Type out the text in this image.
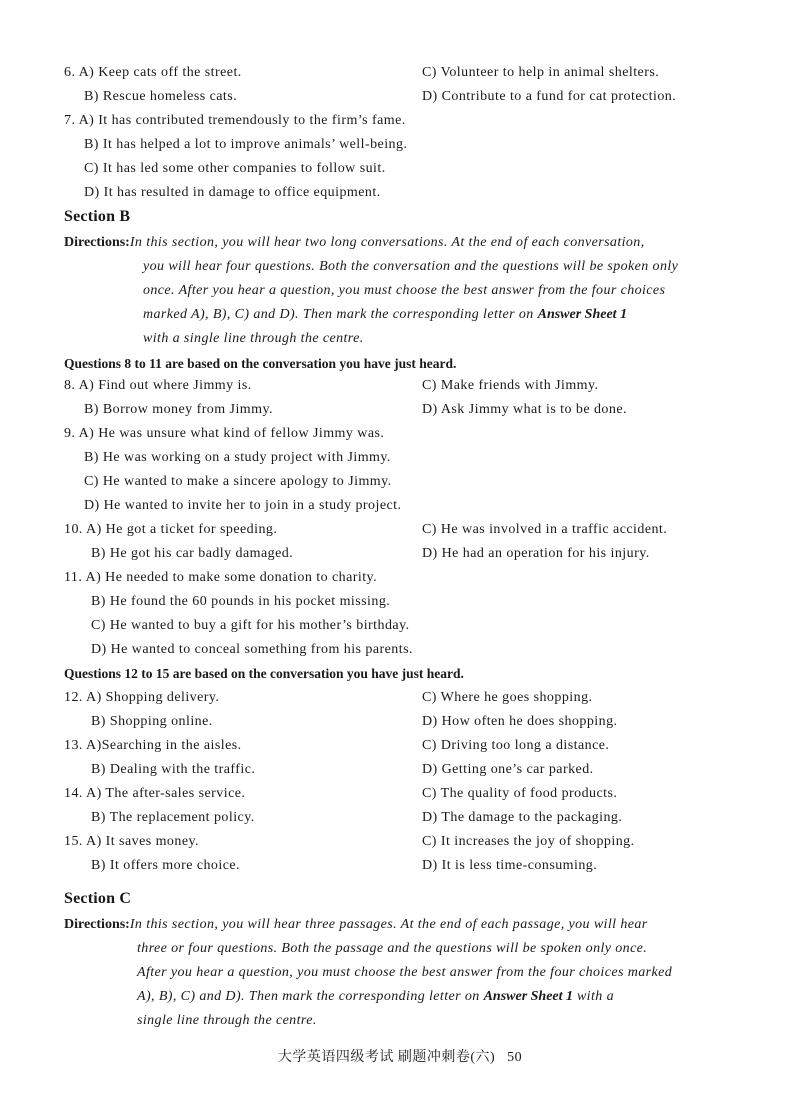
6. A) Keep cats off the street.	C) Volunteer to help in animal shelters.
B) Rescue homeless cats.	D) Contribute to a fund for cat protection.
7. A) It has contributed tremendously to the firm’s fame.
B) It has helped a lot to improve animals’ well-being.
C) It has led some other companies to follow suit.
D) It has resulted in damage to office equipment.
Section B
Directions:In this section, you will hear two long conversations. At the end of each conversation,
you will hear four questions. Both the conversation and the questions will be spoken only
once. After you hear a question, you must choose the best answer from the four choices
marked A), B), C) and D). Then mark the corresponding letter on Answer Sheet 1
with a single line through the centre.
Questions 8 to 11 are based on the conversation you have just heard.
8. A) Find out where Jimmy is.	C) Make friends with Jimmy.
B) Borrow money from Jimmy.	D) Ask Jimmy what is to be done.
9. A) He was unsure what kind of fellow Jimmy was.
B) He was working on a study project with Jimmy.
C) He wanted to make a sincere apology to Jimmy.
D) He wanted to invite her to join in a study project.
10. A) He got a ticket for speeding.	C) He was involved in a traffic accident.
B) He got his car badly damaged.	D) He had an operation for his injury.
11. A) He needed to make some donation to charity.
B) He found the 60 pounds in his pocket missing.
C) He wanted to buy a gift for his mother’s birthday.
D) He wanted to conceal something from his parents.
Questions 12 to 15 are based on the conversation you have just heard.
12. A) Shopping delivery.	C) Where he goes shopping.
B) Shopping online.	D) How often he does shopping.
13. A)Searching in the aisles.	C) Driving too long a distance.
B) Dealing with the traffic.	D) Getting one’s car parked.
14. A) The after-sales service.	C) The quality of food products.
B) The replacement policy.	D) The damage to the packaging.
15. A) It saves money.	C) It increases the joy of shopping.
B) It offers more choice.	D) It is less time-consuming.
Section C
Directions:In this section, you will hear three passages. At the end of each passage, you will hear
three or four questions. Both the passage and the questions will be spoken only once.
After you hear a question, you must choose the best answer from the four choices marked
A), B), C) and D). Then mark the corresponding letter on Answer Sheet 1 with a
single line through the centre.
大学英语四级考试 刷题冲刺卷(六) 50
